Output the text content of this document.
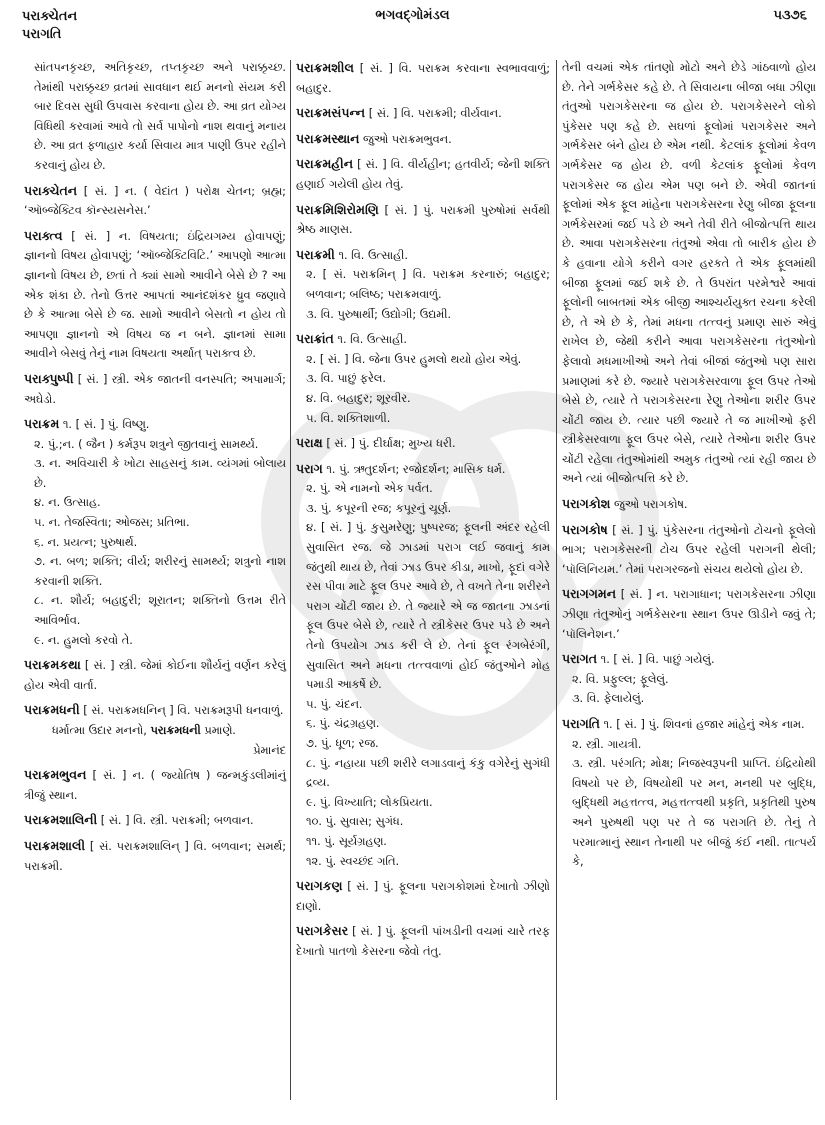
પરાક્ચેતન
પરાગતિ
ભગવદ્ગોમંડલ	૫૩૭૬

સાંતપનકૃચ્છ, અતિકૃચ્છ, તપ્તકૃચ્છ અને પરાક્કૃચ્છ. તેમાંથી પરાક્કૃચ્છ વ્રતમાં સાવધાન થઈ મનનો સંયમ કરી બાર દિવસ સુધી ઉપવાસ કરવાના હોય છે. આ વ્રત યોગ્ય વિધિથી કરવામાં આવે તો સર્વ પાપોનો નાશ થવાનું મનાય છે. આ વ્રત ફળાહાર કર્યા સિવાય માત્ર પાણી ઉપર રહીને કરવાનું હોય છે.

પરાક્ચેતન [ સં. ] ન. ( વેદાંત ) પરોક્ષ ચેતન; બ્રહ્મ; ‘ઑબ્જેક્ટિવ કૉન્સ્યસનેસ.’
પરાક્ત્વ [ સં. ] ન. વિષયતા; ઇંદ્રિયગમ્ય હોવાપણું; જ્ઞાનનો વિષય હોવાપણું; ‘ઑબ્જેક્ટિવિટિ.’ આપણો આત્મા જ્ઞાનનો વિષય છે, છતાં તે ક્યાં સામો આવીને બેસે છે ? આ એક શંકા છે. તેનો ઉત્તર આપતાં આનંદશંકર ધ્રુવ જણાવે છે કે આત્મા બેસે છે જ. સામો આવીને બેસતો ન હોય તો આપણા જ્ઞાનનો એ વિષય જ ન બને. જ્ઞાનમાં સામા આવીને બેસવું તેનું નામ વિષયતા અર્થાત્ પરાક્ત્વ છે.
પરાક્પુષ્પી [ સં. ] સ્ત્રી. એક જાતની વનસ્પતિ; અપામાર્ગ; અઘેડો.
પરાક્રમ ૧. [ સં. ] પું. વિષ્ણુ.

૨. પું.;ન. ( જૈન ) કર્મરૂપ શત્રુને જીતવાનું સામર્થ્ય.

૩. ન. અવિચારી કે ખોટા સાહસનું કામ. વ્યંગમાં બોલાય છે.

૪. ન. ઉત્સાહ.

૫. ન. તેજસ્વિતા; ઓજસ; પ્રતિભા.

૬. ન. પ્રયત્ન; પુરુષાર્થ.

૭. ન. બળ; શક્તિ; વીર્ય; શરીરનું સામર્થ્ય; શત્રુનો નાશ કરવાની શક્તિ.

૮. ન. શૌર્ય; બહાદુરી; શૂરાતન; શક્તિનો ઉત્તમ રીતે આવિર્ભાવ.

૯. ન. હુમલો કરવો તે.

પરાક્રમકથા [ સં. ] સ્ત્રી. જેમાં કોઈના શૌર્યનું વર્ણન કરેલું હોય એવી વાર્તા.
પરાક્રમધની [ સં. પરાક્રમધનિન્ ] વિ. પરાક્રમરૂપી ધનવાળું.

ધર્માત્મા ઉદાર મનનો, પરાક્રમધની પ્રમાણે.

પ્રેમાનંદ

પરાક્રમભુવન [ સં. ] ન. ( જ્યોતિષ ) જન્મકુંડલીમાંનું ત્રીજું સ્થાન.
પરાક્રમશાલિની [ સં. ] વિ. સ્ત્રી. પરાક્રમી; બળવાન.
પરાક્રમશાલી [ સં. પરાક્રમશાલિન્ ] વિ. બળવાન; સમર્થ; પરાક્રમી.
પરાક્રમશીલ [ સં. ] વિ. પરાક્રમ કરવાના સ્વભાવવાળું; બહાદુર.
પરાક્રમસંપન્ન [ સં. ] વિ. પરાક્રમી; વીર્યવાન.
પરાક્રમસ્થાન જુઓ પરાક્રમભુવન.
પરાક્રમહીન [ સં. ] વિ. વીર્યહીન; હતવીર્ય; જેની શક્તિ હણાઈ ગયેલી હોય તેવું.
પરાક્રમિશિરોમણિ [ સં. ] પું. પરાક્રમી પુરુષોમાં સર્વથી શ્રેષ્ઠ માણસ.
પરાક્રમી ૧. વિ. ઉત્સાહી.

૨. [ સં. પરાક્રમિન્ ] વિ. પરાક્રમ કરનારું; બહાદુર; બળવાન; બલિષ્ઠ; પરાક્રમવાળું.

૩. વિ. પુરુષાર્થી; ઉદ્યોગી; ઉદ્યમી.

પરાક્રાંત ૧. વિ. ઉત્સાહી.

૨. [ સં. ] વિ. જેના ઉપર હુમલો થયો હોય એવું.

૩. વિ. પાછું ફરેલ.

૪. વિ. બહાદુર; શૂરવીર.

૫. વિ. શક્તિશાળી.

પરાક્ષ [ સં. ] પું. દીર્ઘાક્ષ; મુખ્ય ધરી.
પરાગ ૧. પું. ઋતુદર્શન; રજોદર્શન; માસિક ધર્મ.

૨. પું. એ નામનો એક પર્વત.

૩. પું. કપૂરની રજ; કપૂરનું ચૂર્ણ.

૪. [ સં. ] પું. કુસુમરેણુ; પુષ્પરજ; ફૂલની અંદર રહેલી સુવાસિત રજ. જે ઝાડમાં પરાગ લઈ જવાનું કામ જંતુથી થાય છે, તેવાં ઝાડ ઉપર કીડા, માખો, ફૂદાં વગેરે રસ પીવા માટે ફૂલ ઉપર આવે છે, તે વખતે તેના શરીરને પરાગ ચોંટી જાય છે. તે જ્યારે એ જ જાતના ઝાડનાં ફૂલ ઉપર બેસે છે, ત્યારે તે સ્ત્રીકેસર ઉપર પડે છે અને તેનો ઉપયોગ ઝાડ કરી લે છે. તેનાં ફૂલ રંગબેરંગી, સુવાસિત અને મધના તત્ત્વવાળાં હોઈ જંતુઓને મોહ પમાડી આકર્ષે છે.

૫. પું. ચંદન.

૬. પું. ચંદ્રગ્રહણ.

૭. પું. ધૂળ; રજ.

૮. પું. નહાયા પછી શરીરે લગાડવાનું કંકુ વગેરેનું સુગંધી દ્રવ્ય.

૯. પું. વિખ્યાતિ; લોકપ્રિયતા.

૧૦. પું. સુવાસ; સુગંધ.

૧૧. પું. સૂર્યગ્રહણ.

૧૨. પું. સ્વચ્છંદ ગતિ.

પરાગકણ [ સં. ] પું. ફૂલના પરાગકોશમાં દેખાતો ઝીણો દાણો.
પરાગકેસર [ સં. ] પું. ફૂલની પાંખડીની વચમાં ચારે તરફ દેખાતો પાતળો કેસરના જેવો તંતુ.

તેની વચમાં એક તાંતણો મોટો અને છેડે ગાંઠવાળો હોય છે. તેને ગર્ભકેસર કહે છે. તે સિવાયના બીજા બધા ઝીણા તંતુઓ પરાગકેસરના જ હોય છે. પરાગકેસરને લોકો પુંકેસર પણ કહે છે. સઘળાં ફૂલોમાં પરાગકેસર અને ગર્ભકેસર બંને હોય છે એમ નથી. કેટલાંક ફૂલોમાં કેવળ ગર્ભકેસર જ હોય છે. વળી કેટલાંક ફૂલોમાં કેવળ પરાગકેસર જ હોય એમ પણ બને છે. એવી જાતનાં ફૂલોમાં એક ફૂલ માંહેના પરાગકેસરના રેણુ બીજા ફૂલના ગર્ભકેસરમાં જઈ પડે છે અને તેવી રીતે બીજોત્પત્તિ થાય છે. આવા પરાગકેસરના તંતુઓ એવા તો બારીક હોય છે કે હવાના યોગે કરીને વગર હરકતે તે એક ફૂલમાંથી બીજા ફૂલમાં જઈ શકે છે. તે ઉપરાંત પરમેશ્વરે આવાં ફૂલોની બાબતમાં એક બીજી આશ્ચર્યયુક્ત રચના કરેલી છે, તે એ છે કે, તેમાં મધના તત્ત્વનું પ્રમાણ સારું એવું રાખેલ છે, જેથી કરીને આવા પરાગકેસરના તંતુઓનો ફેલાવો મધમાખીઓ અને તેવાં બીજાં જંતુઓ પણ સારા પ્રમાણમાં કરે છે. જ્યારે પરાગકેસરવાળા ફૂલ ઉપર તેઓ બેસે છે, ત્યારે તે પરાગકેસરના રેણુ તેઓના શરીર ઉપર ચોંટી જાય છે. ત્યાર પછી જ્યારે તે જ માખીઓ ફરી સ્ત્રીકેસરવાળા ફૂલ ઉપર બેસે, ત્યારે તેઓના શરીર ઉપર ચોંટી રહેલા તંતુઓમાંથી અમુક તંતુઓ ત્યાં રહી જાય છે અને ત્યાં બીજોત્પત્તિ કરે છે.

પરાગકોશ જુઓ પરાગકોષ.
પરાગકોષ [ સં. ] પું. પુંકેસરના તંતુઓનો ટોચનો ફૂલેલો ભાગ; પરાગકેસરની ટોચ ઉપર રહેલી પરાગની થેલી; ‘પૉલિનિયમ.’ તેમાં પરાગરજનો સંચય થયેલો હોય છે.
પરાગગમન [ સં. ] ન. પરાગાધાન; પરાગકેસરના ઝીણા ઝીણા તંતુઓનું ગર્ભકેસરના સ્થાન ઉપર ઊડીને જવું તે; ‘પૉલિનેશન.’
પરાગત ૧. [ સં. ] વિ. પાછું ગયેલું.

૨. વિ. પ્રફુલ્લ; ફૂલેલું.

૩. વિ. ફેલાયેલું.

પરાગતિ ૧. [ સં. ] પું. શિવનાં હજાર માંહેનું એક નામ.

૨. સ્ત્રી. ગાયત્રી.

૩. સ્ત્રી. પરંગતિ; મોક્ષ; નિજસ્વરૂપની પ્રાપ્તિ. ઇંદ્રિયોથી વિષયો પર છે, વિષયોથી પર મન, મનથી પર બુદ્ધિ, બુદ્ધિથી મહત્તત્ત્વ, મહત્તત્ત્વથી પ્રકૃતિ, પ્રકૃતિથી પુરુષ અને પુરુષથી પણ પર તે જ પરાગતિ છે. તેનું તે પરમાત્માનું સ્થાન તેનાથી પર બીજું કંઈ નથી. તાત્પર્ય કે,
